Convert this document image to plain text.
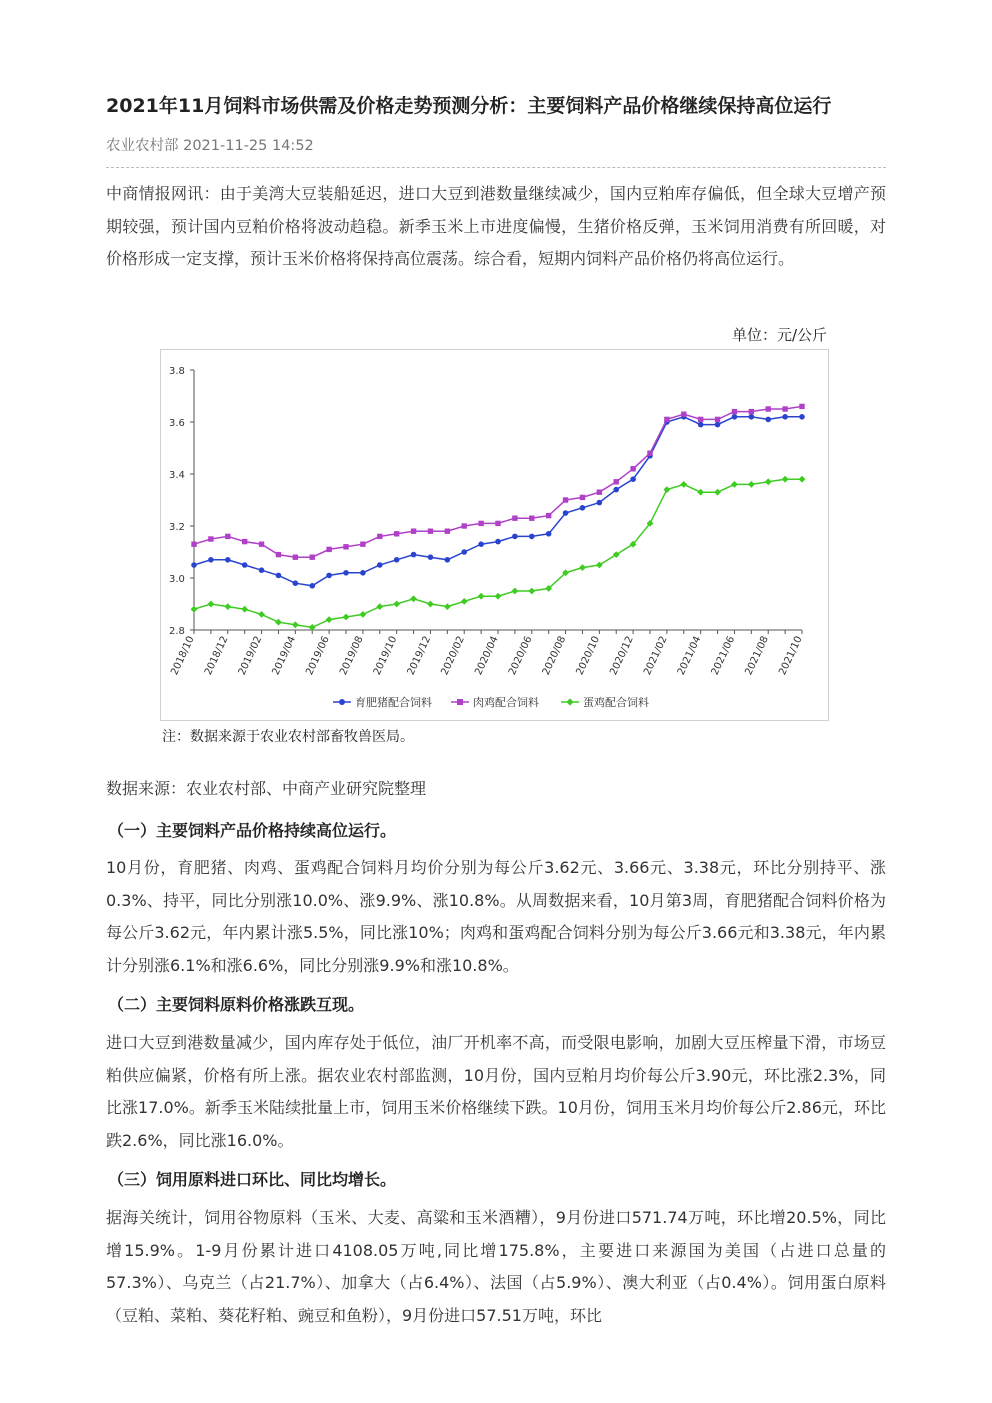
2021年11月饲料市场供需及价格走势预测分析：主要饲料产品价格继续保持高位运行
农业农村部 2021-11-25 14:52

中商情报网讯：由于美湾大豆装船延迟，进口大豆到港数量继续减少，国内豆粕库存偏低，但全球大豆增产预期较强，预计国内豆粕价格将波动趋稳。新季玉米上市进度偏慢，生猪价格反弹，玉米饲用消费有所回暖，对价格形成一定支撑，预计玉米价格将保持高位震荡。综合看，短期内饲料产品价格仍将高位运行。

单位：元/公斤
2.8
3.0
3.2
3.4
3.6
3.8
2018/10 2018/12 2019/02 2019/04 2019/06 2019/08 2019/10 2019/12 2020/02 2020/04 2020/06 2020/08 2020/10 2020/12 2021/02 2021/04 2021/06 2021/08 2021/10
育肥猪配合饲料	肉鸡配合饲料	蛋鸡配合饲料
注：数据来源于农业农村部畜牧兽医局。
数据来源：农业农村部、中商产业研究院整理
（一）主要饲料产品价格持续高位运行。

10月份，育肥猪、肉鸡、蛋鸡配合饲料月均价分别为每公斤3.62元、3.66元、3.38元，环比分别持平、涨0.3%、持平，同比分别涨10.0%、涨9.9%、涨10.8%。从周数据来看，10月第3周，育肥猪配合饲料价格为每公斤3.62元，年内累计涨5.5%，同比涨10%；肉鸡和蛋鸡配合饲料分别为每公斤3.66元和3.38元，年内累计分别涨6.1%和涨6.6%，同比分别涨9.9%和涨10.8%。

（二）主要饲料原料价格涨跌互现。

进口大豆到港数量减少，国内库存处于低位，油厂开机率不高，而受限电影响，加剧大豆压榨量下滑，市场豆粕供应偏紧，价格有所上涨。据农业农村部监测，10月份，国内豆粕月均价每公斤3.90元，环比涨2.3%，同比涨17.0%。新季玉米陆续批量上市，饲用玉米价格继续下跌。10月份，饲用玉米月均价每公斤2.86元，环比跌2.6%，同比涨16.0%。

（三）饲用原料进口环比、同比均增长。

据海关统计，饲用谷物原料（玉米、大麦、高粱和玉米酒糟），9月份进口571.74万吨，环比增20.5%，同比增15.9%。1-9月份累计进口4108.05万吨,同比增175.8%，主要进口来源国为美国（占进口总量的57.3%）、乌克兰（占21.7%）、加拿大（占6.4%）、法国（占5.9%）、澳大利亚（占0.4%）。饲用蛋白原料（豆粕、菜粕、葵花籽粕、豌豆和鱼粉），9月份进口57.51万吨，环比
